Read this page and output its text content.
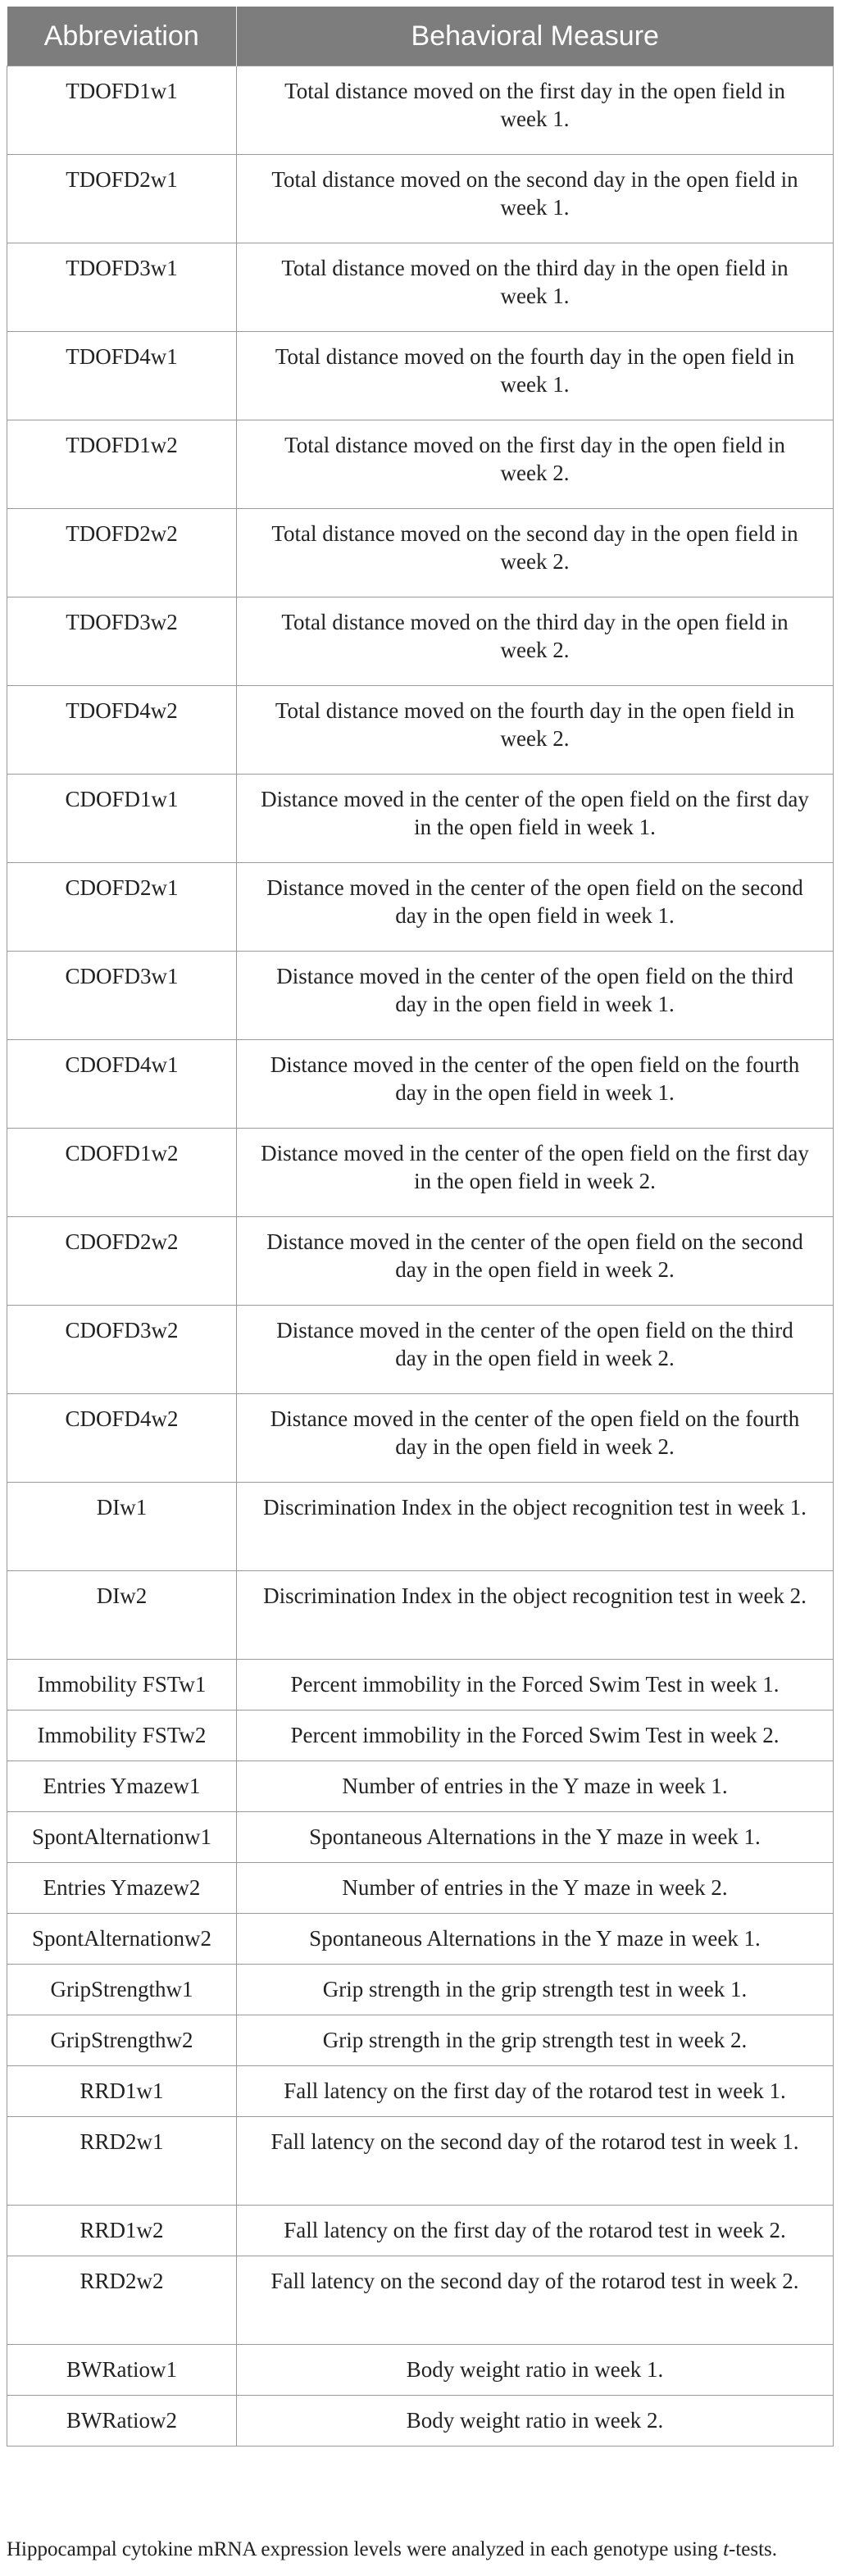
Abbreviation	Behavioral Measure
TDOFD1w1	Total distance moved on the first day in the open field in week 1.
TDOFD2w1	Total distance moved on the second day in the open field in week 1.
TDOFD3w1	Total distance moved on the third day in the open field in week 1.
TDOFD4w1	Total distance moved on the fourth day in the open field in week 1.
TDOFD1w2	Total distance moved on the first day in the open field in week 2.
TDOFD2w2	Total distance moved on the second day in the open field in week 2.
TDOFD3w2	Total distance moved on the third day in the open field in week 2.
TDOFD4w2	Total distance moved on the fourth day in the open field in week 2.
CDOFD1w1	Distance moved in the center of the open field on the first day in the open field in week 1.
CDOFD2w1	Distance moved in the center of the open field on the second day in the open field in week 1.
CDOFD3w1	Distance moved in the center of the open field on the third day in the open field in week 1.
CDOFD4w1	Distance moved in the center of the open field on the fourth day in the open field in week 1.
CDOFD1w2	Distance moved in the center of the open field on the first day in the open field in week 2.
CDOFD2w2	Distance moved in the center of the open field on the second day in the open field in week 2.
CDOFD3w2	Distance moved in the center of the open field on the third day in the open field in week 2.
CDOFD4w2	Distance moved in the center of the open field on the fourth day in the open field in week 2.
DIw1	Discrimination Index in the object recognition test in week 1.
DIw2	Discrimination Index in the object recognition test in week 2.
Immobility FSTw1	Percent immobility in the Forced Swim Test in week 1.
Immobility FSTw2	Percent immobility in the Forced Swim Test in week 2.
Entries Ymazew1	Number of entries in the Y maze in week 1.
SpontAlternationw1	Spontaneous Alternations in the Y maze in week 1.
Entries Ymazew2	Number of entries in the Y maze in week 2.
SpontAlternationw2	Spontaneous Alternations in the Y maze in week 1.
GripStrengthw1	Grip strength in the grip strength test in week 1.
GripStrengthw2	Grip strength in the grip strength test in week 2.
RRD1w1	Fall latency on the first day of the rotarod test in week 1.
RRD2w1	Fall latency on the second day of the rotarod test in week 1.
RRD1w2	Fall latency on the first day of the rotarod test in week 2.
RRD2w2	Fall latency on the second day of the rotarod test in week 2.
BWRatiow1	Body weight ratio in week 1.
BWRatiow2	Body weight ratio in week 2.
Hippocampal cytokine mRNA expression levels were analyzed in each genotype using t-tests.
